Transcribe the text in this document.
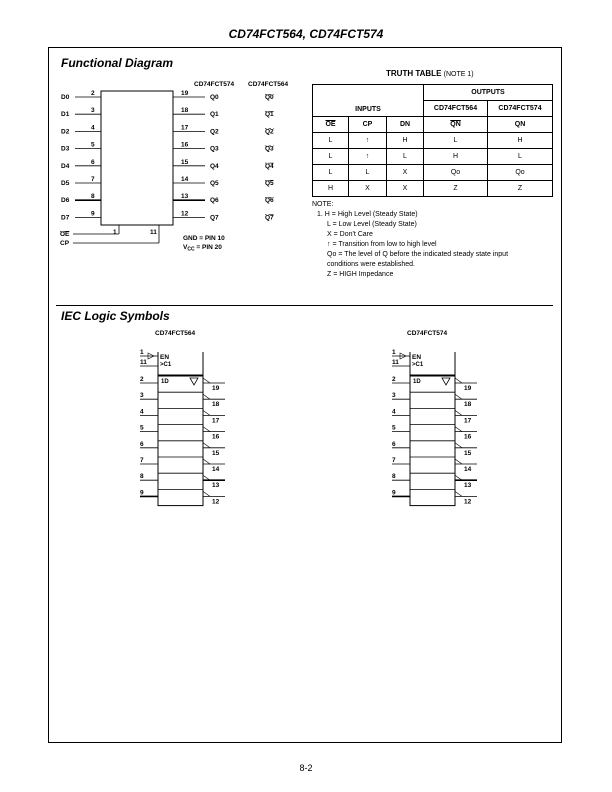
CD74FCT564, CD74FCT574
Functional Diagram
CD74FCT574 CD74FCT564
D0
2
D1
3
D2
4
D3
5
D4
6
D5
7
D6
8
D7
9
19
Q0	Q0
18
Q1	Q1
17
Q2	Q2
16
Q3	Q3
15
Q4	Q4
14
Q5	Q5
13
Q6	Q6
12
Q7	Q7
OE
CP
1	11
GND = PIN 10
$V_{CC}$ = PIN 20
TRUTH TABLE (NOTE 1)
INPUTS			OUTPUTS	
			CD74FCT564	CD74FCT574
$\overline{OE}$	CP	DN	$\overline{QN}$	QN
L	↑	H	L	H
L	↑	L	H	L
L	L	X	Qo	Qo
H	X	X	Z	Z
NOTE:
1. H = High Level (Steady State)
L = Low Level (Steady State)
X = Don't Care
↑ = Transition from low to high level
Qo = The level of Q before the indicated steady state input
conditions were established.
Z = HIGH Impedance
IEC Logic Symbols
CD74FCT564
EN
>C1
1
11
1D
2
3
4
5
6
7
8
9
19
18
17
16
15
14
13
12
CD74FCT574
EN
>C1
1
11
1D
2
3
4
5
6
7
8
9
19
18
17
16
15
14
13
12
8-2
